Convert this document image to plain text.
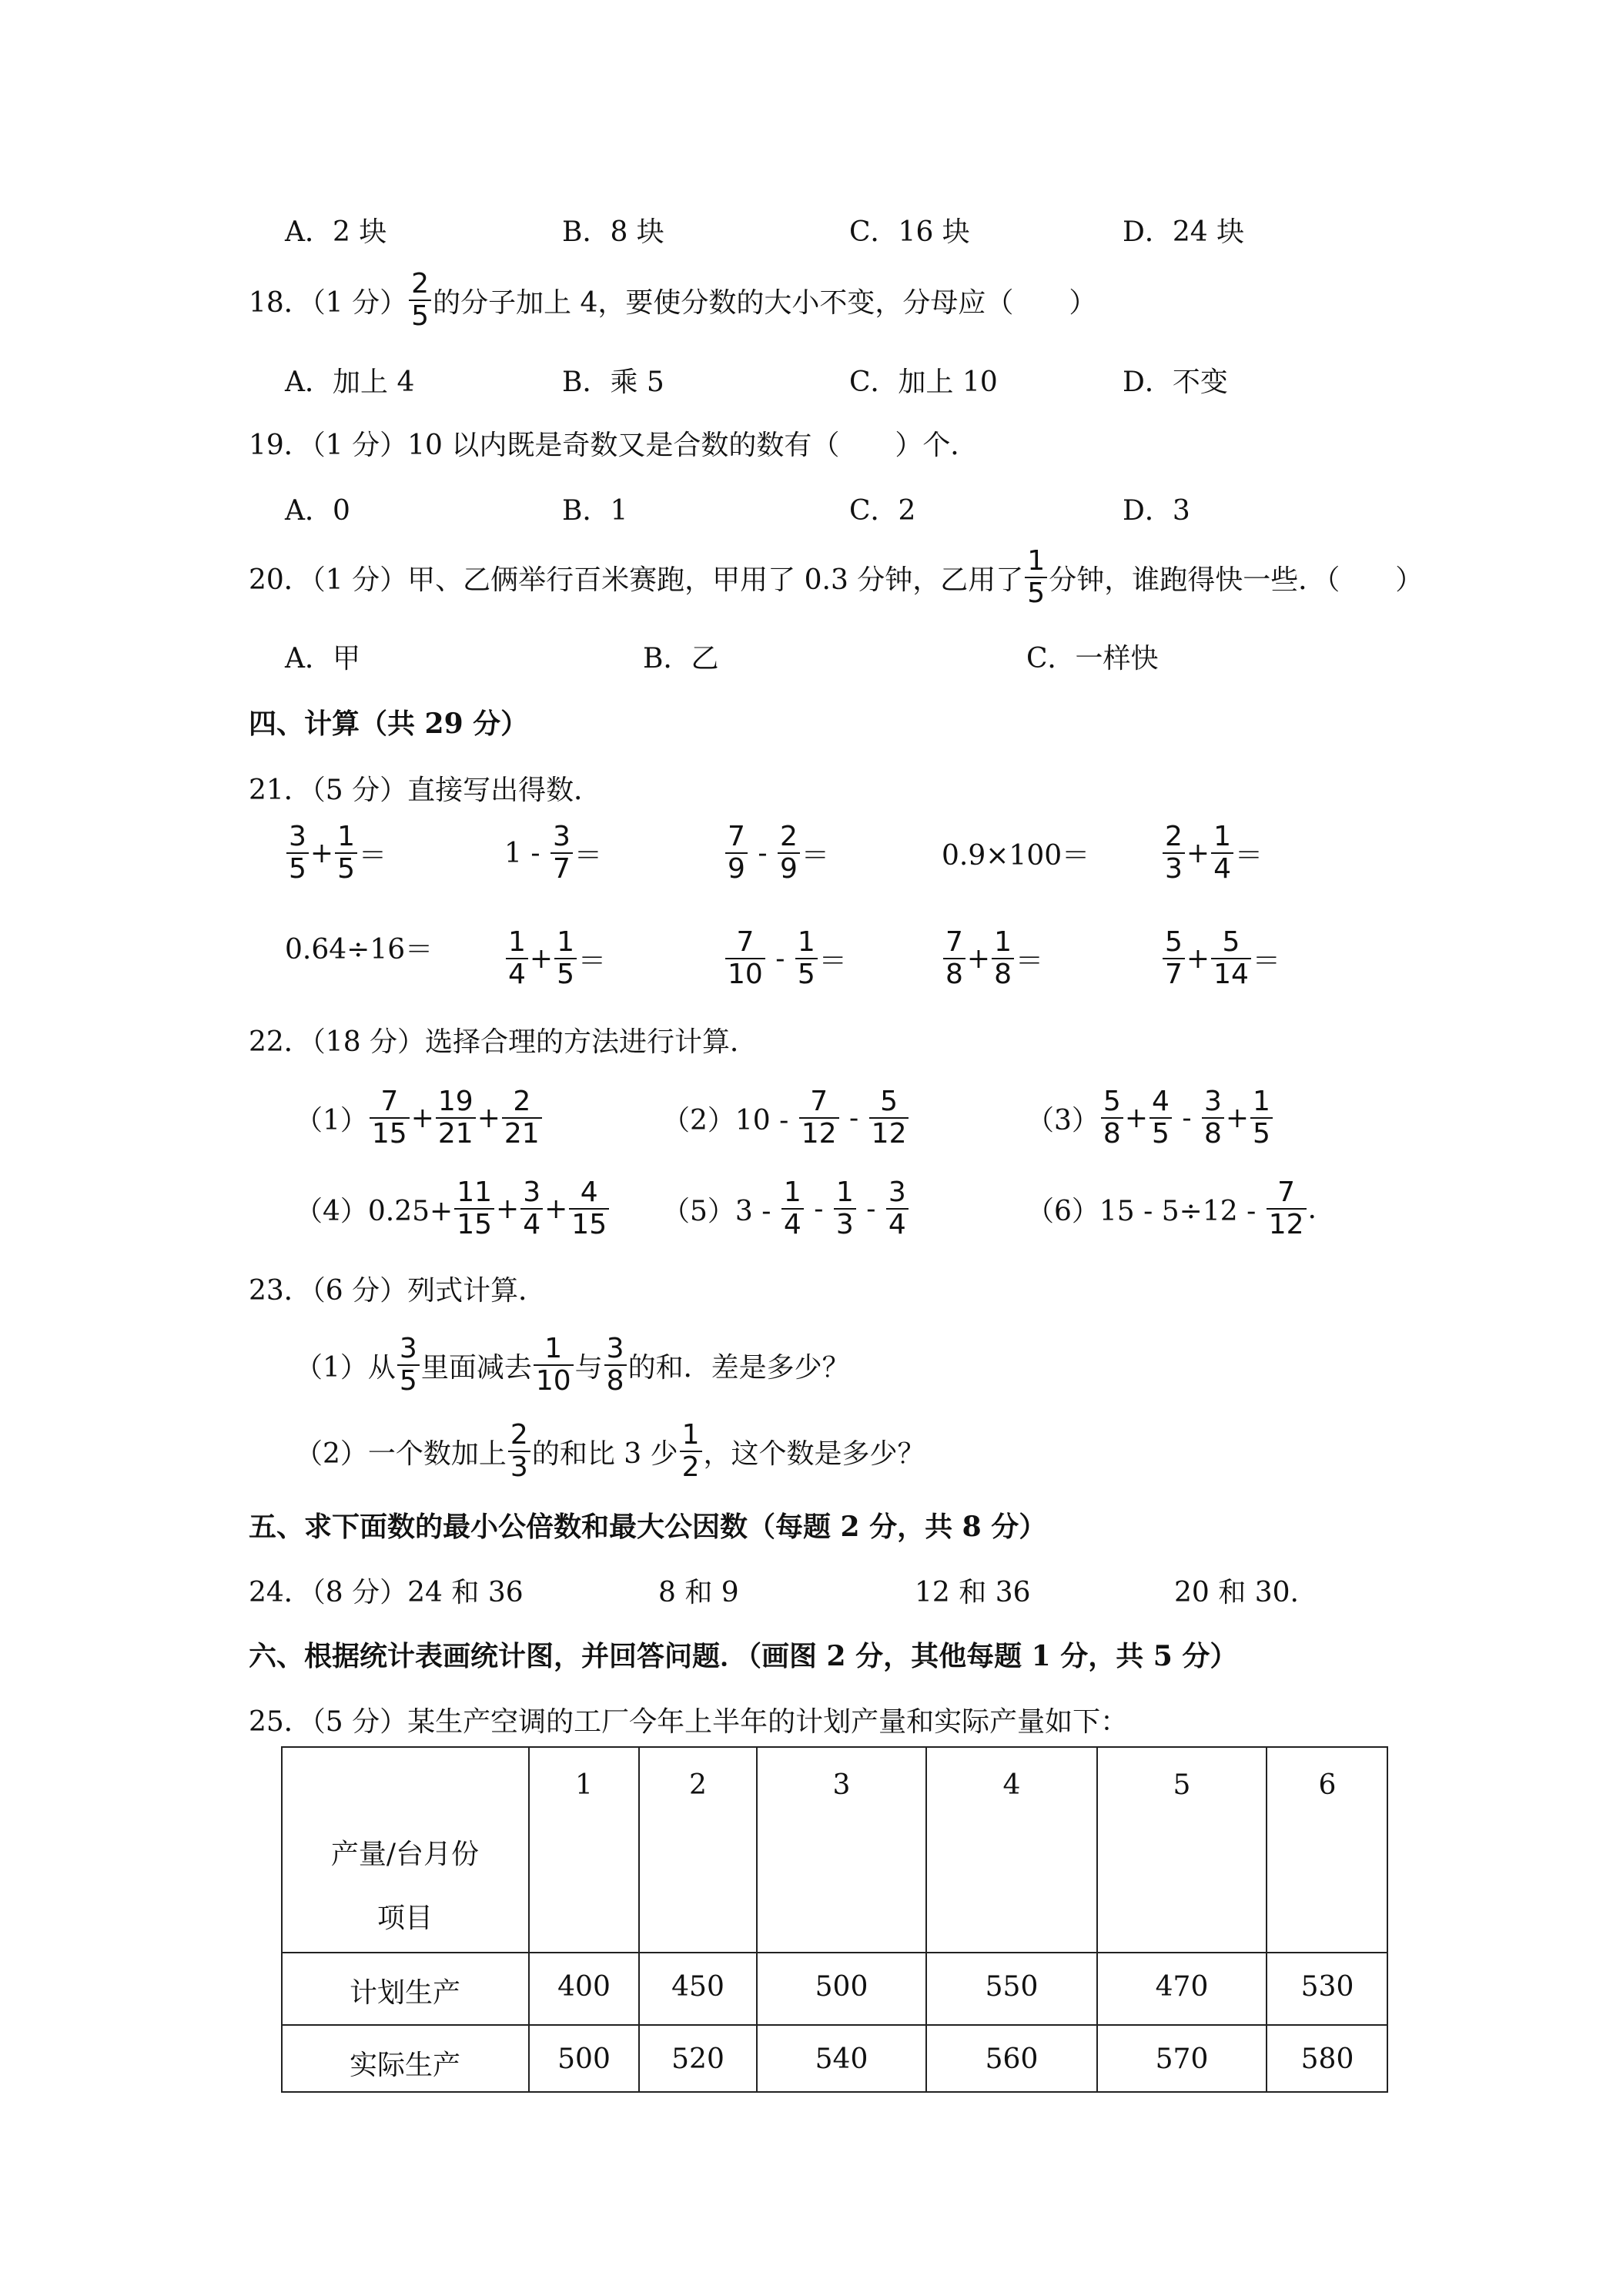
A．2 块	B．8 块	C．16 块	D．24 块
18．（1 分）
2
5 的分子加上 4，要使分数的大小不变，分母应（　　）
A．加上 4	B．乘 5	C．加上 10	D．不变
19．（1 分）10 以内既是奇数又是合数的数有（　　）个．
A．0	B．1	C．2	D．3
20．（1 分）甲、乙俩举行百米赛跑，甲用了 0.3 分钟，乙用了
1
5 分钟，谁跑得快一些．（　　）
A．甲	B．乙	C．一样快
四、计算（共 29 分）
21．（5 分）直接写出得数．
3
$5 + \frac{1}{5}$ ＝	1 -

3
7 ＝
7
9
-

2
9 ＝	0.9×100＝
2
$3 + \frac{1}{4}$ ＝
0.64÷16＝	1
$4 + \frac{1}{5}$ ＝
7
10
-

1
5 ＝
7
$8 + \frac{1}{8}$ ＝
5
$7 + \frac{5}{14}$ ＝
22．（18 分）选择合理的方法进行计算．
（1）
7
$15 + \frac{19}{21} + \frac{2}{21}$	（2）10 -

7
12
-

5
12	（3）
5
$8 + \frac{4}{5}$
-

3
$8 + \frac{1}{5}$
$(4)0.25+ \frac{11}{15} + \frac{3}{4} + \frac{4}{15} (5)3$ -

1
4
-

1
3
-

3
4	（6）15 - 5÷12 -

7
12 .
23．（6 分）列式计算．
（1）从
3
5 里面减去
1
10 与
3
8 的和．差是多少？
（2）一个数加上
2
3 的和比 3 少
1
2 ，这个数是多少？
五、求下面数的最小公倍数和最大公因数（每题 2 分，共 8 分）
24．（8 分）24 和 36	8 和 9	12 和 36	20 和 30.
六、根据统计表画统计图，并回答问题．（画图 2 分，其他每题 1 分，共 5 分）
25．（5 分）某生产空调的工厂今年上半年的计划产量和实际产量如下：
产量/台月份
项目
1	2	3	4	5	6
计划生产	400	450	500	550	470	530
实际生产	500	520	540	560	570	580
